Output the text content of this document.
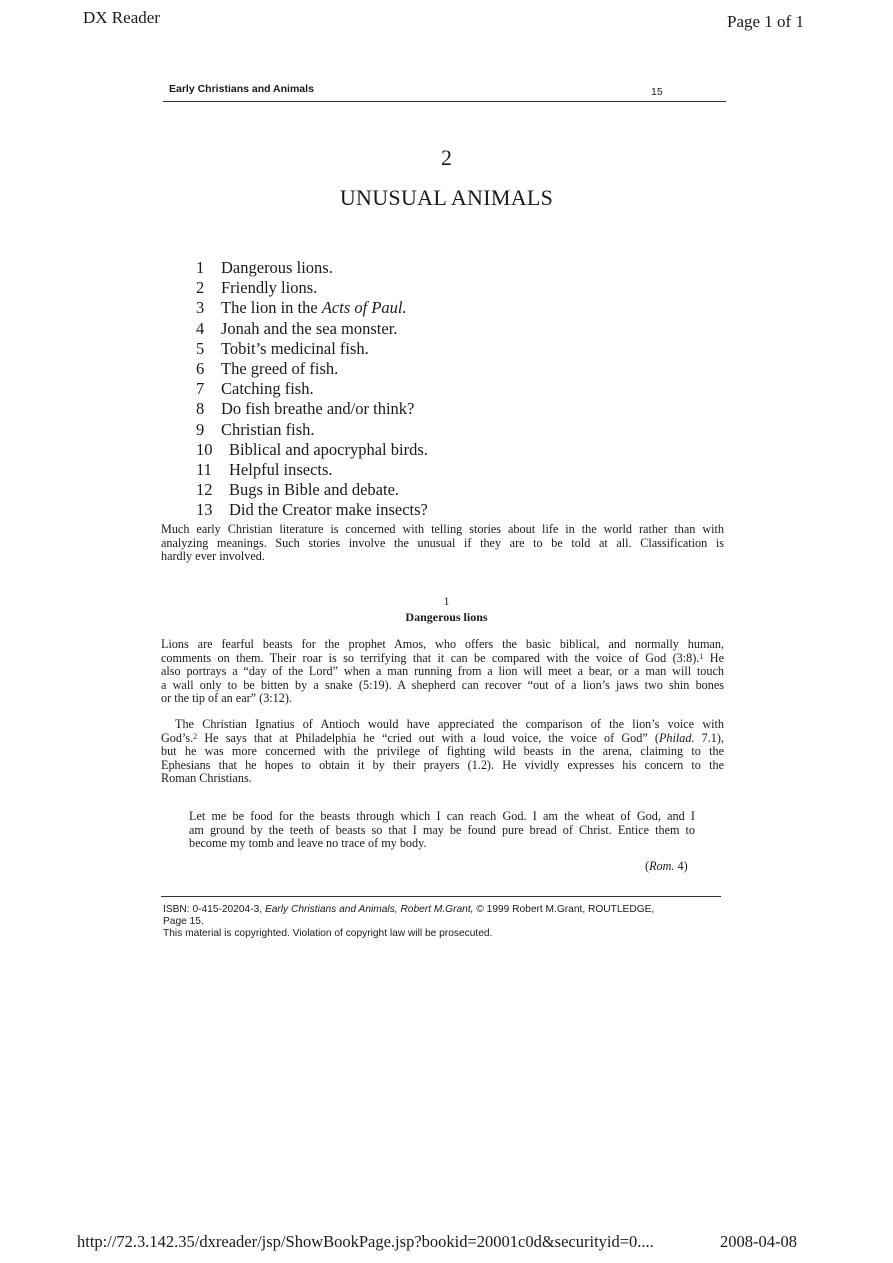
DX Reader	Page 1 of 1
Early Christians and Animals	15
2
UNUSUAL ANIMALS
1 Dangerous lions.
2 Friendly lions.
3 The lion in the Acts of Paul.
4 Jonah and the sea monster.
5 Tobit’s medicinal fish.
6 The greed of fish.
7 Catching fish.
8 Do fish breathe and/or think?
9 Christian fish.
10 Biblical and apocryphal birds.
11 Helpful insects.
12 Bugs in Bible and debate.
13 Did the Creator make insects?
Much early Christian literature is concerned with telling stories about life in the world rather than with
analyzing meanings. Such stories involve the unusual if they are to be told at all. Classification is
hardly ever involved.
1
Dangerous lions
Lions are fearful beasts for the prophet Amos, who offers the basic biblical, and normally human,
comments on them. Their roar is so terrifying that it can be compared with the voice of God (3:8).$^1$ He
also portrays a “day of the Lord” when a man running from a lion will meet a bear, or a man will touch
a wall only to be bitten by a snake (5:19). A shepherd can recover “out of a lion’s jaws two shin bones
or the tip of an ear” (3:12).
The Christian Ignatius of Antioch would have appreciated the comparison of the lion’s voice with
God’s.$^2$ He says that at Philadelphia he “cried out with a loud voice, the voice of God” (Philad. 7.1),
but he was more concerned with the privilege of fighting wild beasts in the arena, claiming to the
Ephesians that he hopes to obtain it by their prayers (1.2). He vividly expresses his concern to the
Roman Christians.
Let me be food for the beasts through which I can reach God. I am the wheat of God, and I
am ground by the teeth of beasts so that I may be found pure bread of Christ. Entice them to
become my tomb and leave no trace of my body.
(Rom. 4)
ISBN: 0-415-20204-3, Early Christians and Animals, Robert M.Grant, © 1999 Robert M.Grant, ROUTLEDGE,
Page 15.
This material is copyrighted. Violation of copyright law will be prosecuted.
http://72.3.142.35/dxreader/jsp/ShowBookPage.jsp?bookid=20001c0d&securityid=0....	2008-04-08
